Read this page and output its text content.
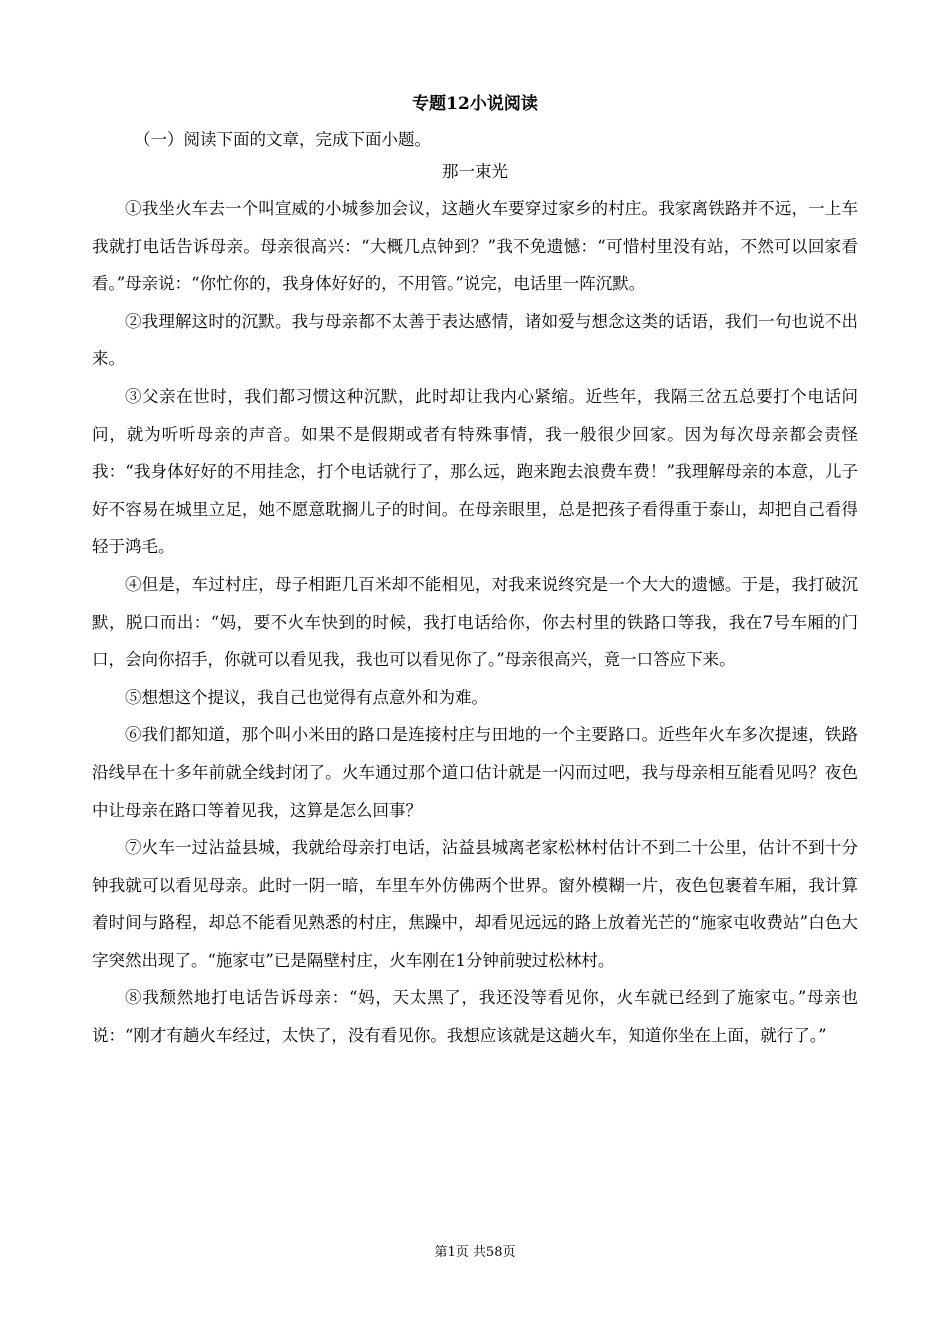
专题12小说阅读
（一）阅读下面的文章，完成下面小题。
那一束光

①我坐火车去一个叫宣威的小城参加会议，这趟火车要穿过家乡的村庄。我家离铁路并不远，一上车我就打电话告诉母亲。母亲很高兴：“大概几点钟到？”我不免遗憾：“可惜村里没有站，不然可以回家看看。”母亲说：“你忙你的，我身体好好的，不用管。”说完，电话里一阵沉默。

②我理解这时的沉默。我与母亲都不太善于表达感情，诸如爱与想念这类的话语，我们一句也说不出来。

③父亲在世时，我们都习惯这种沉默，此时却让我内心紧缩。近些年，我隔三岔五总要打个电话问问，就为听听母亲的声音。如果不是假期或者有特殊事情，我一般很少回家。因为每次母亲都会责怪我：“我身体好好的不用挂念，打个电话就行了，那么远，跑来跑去浪费车费！”我理解母亲的本意，儿子好不容易在城里立足，她不愿意耽搁儿子的时间。在母亲眼里，总是把孩子看得重于泰山，却把自己看得轻于鸿毛。

④但是，车过村庄，母子相距几百米却不能相见，对我来说终究是一个大大的遗憾。于是，我打破沉默，脱口而出：“妈，要不火车快到的时候，我打电话给你，你去村里的铁路口等我，我在7号车厢的门口，会向你招手，你就可以看见我，我也可以看见你了。”母亲很高兴，竟一口答应下来。

⑤想想这个提议，我自己也觉得有点意外和为难。

⑥我们都知道，那个叫小米田的路口是连接村庄与田地的一个主要路口。近些年火车多次提速，铁路沿线早在十多年前就全线封闭了。火车通过那个道口估计就是一闪而过吧，我与母亲相互能看见吗？夜色中让母亲在路口等着见我，这算是怎么回事？

⑦火车一过沾益县城，我就给母亲打电话，沾益县城离老家松林村估计不到二十公里，估计不到十分钟我就可以看见母亲。此时一阴一暗，车里车外仿佛两个世界。窗外模糊一片，夜色包裹着车厢，我计算着时间与路程，却总不能看见熟悉的村庄，焦躁中，却看见远远的路上放着光芒的“施家屯收费站”白色大字突然出现了。“施家屯”已是隔壁村庄，火车刚在1分钟前驶过松林村。

⑧我颓然地打电话告诉母亲：“妈，天太黑了，我还没等看见你，火车就已经到了施家屯。”母亲也说：“刚才有趟火车经过，太快了，没有看见你。我想应该就是这趟火车，知道你坐在上面，就行了。”

第1页 共58页
